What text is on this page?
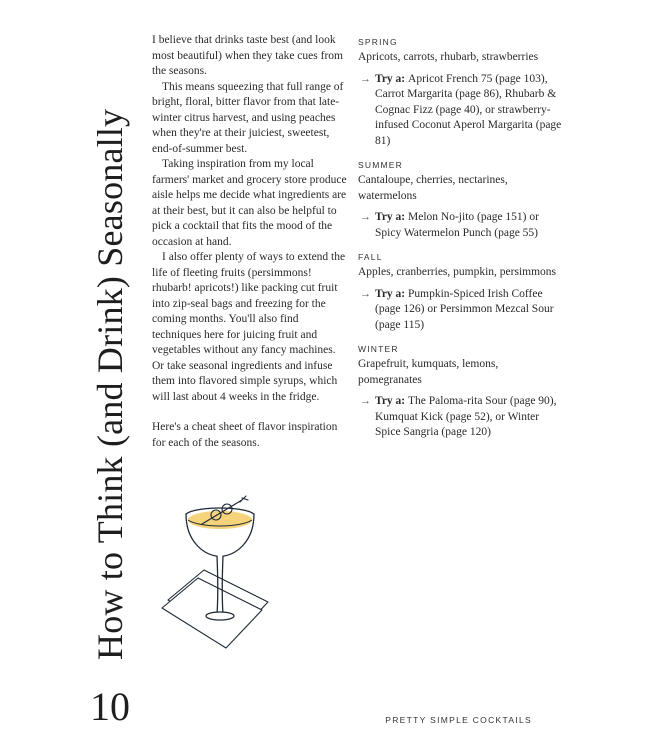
How to Think (and Drink) Seasonally

I believe that drinks taste best (and look most beautiful) when they take cues from the seasons.

This means squeezing that full range of bright, floral, bitter flavor from that late-winter citrus harvest, and using peaches when they're at their juiciest, sweetest, end-of-summer best.

Taking inspiration from my local farmers' market and grocery store produce aisle helps me decide what ingredients are at their best, but it can also be helpful to pick a cocktail that fits the mood of the occasion at hand.

I also offer plenty of ways to extend the life of fleeting fruits (persimmons! rhubarb! apricots!) like packing cut fruit into zip-seal bags and freezing for the coming months. You'll also find techniques here for juicing fruit and vegetables without any fancy machines. Or take seasonal ingredients and infuse them into flavored simple syrups, which will last about 4 weeks in the fridge.

Here's a cheat sheet of flavor inspiration for each of the seasons.

SPRING
Apricots, carrots, rhubarb, strawberries
→ Try a: Apricot French 75 (page 103), Carrot Margarita (page 86), Rhubarb & Cognac Fizz (page 40), or strawberry-infused Coconut Aperol Margarita (page 81)
SUMMER
Cantaloupe, cherries, nectarines, watermelons
→ Try a: Melon No-jito (page 151) or Spicy Watermelon Punch (page 55)
FALL
Apples, cranberries, pumpkin, persimmons
→ Try a: Pumpkin-Spiced Irish Coffee (page 126) or Persimmon Mezcal Sour (page 115)
WINTER
Grapefruit, kumquats, lemons, pomegranates
→ Try a: The Paloma-rita Sour (page 90), Kumquat Kick (page 52), or Winter Spice Sangria (page 120)
10	PRETTY SIMPLE COCKTAILS
